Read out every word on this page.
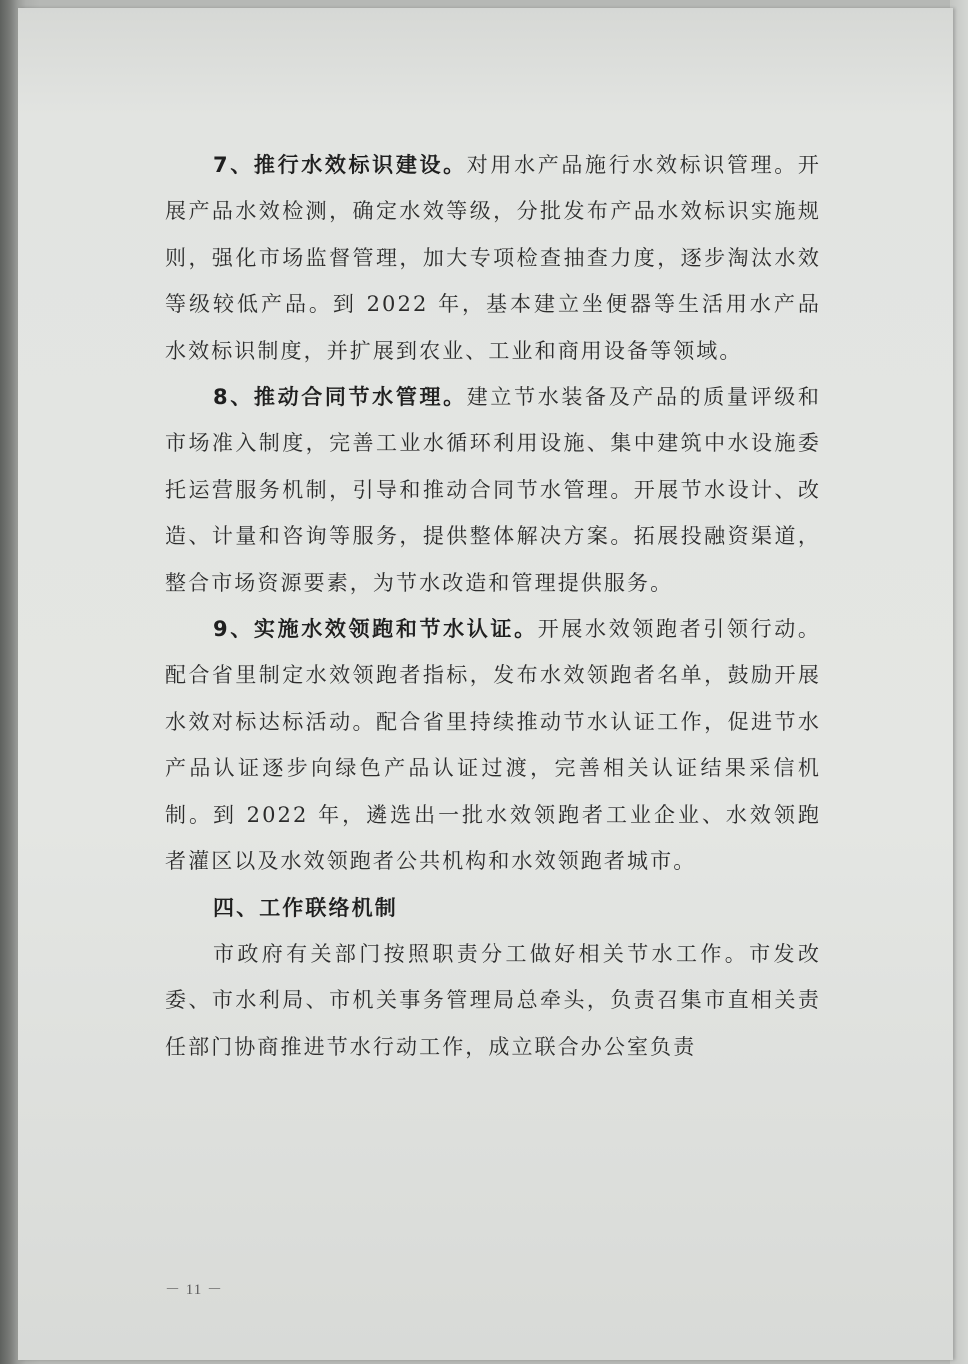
7、推行水效标识建设。对用水产品施行水效标识管理。开展产品水效检测，确定水效等级，分批发布产品水效标识实施规则，强化市场监督管理，加大专项检查抽查力度，逐步淘汰水效等级较低产品。到 2022 年，基本建立坐便器等生活用水产品水效标识制度，并扩展到农业、工业和商用设备等领域。

8、推动合同节水管理。建立节水装备及产品的质量评级和市场准入制度，完善工业水循环利用设施、集中建筑中水设施委托运营服务机制，引导和推动合同节水管理。开展节水设计、改造、计量和咨询等服务，提供整体解决方案。拓展投融资渠道，整合市场资源要素，为节水改造和管理提供服务。

9、实施水效领跑和节水认证。开展水效领跑者引领行动。配合省里制定水效领跑者指标，发布水效领跑者名单，鼓励开展水效对标达标活动。配合省里持续推动节水认证工作，促进节水产品认证逐步向绿色产品认证过渡，完善相关认证结果采信机制。到 2022 年，遴选出一批水效领跑者工业企业、水效领跑者灌区以及水效领跑者公共机构和水效领跑者城市。

四、工作联络机制

市政府有关部门按照职责分工做好相关节水工作。市发改委、市水利局、市机关事务管理局总牵头，负责召集市直相关责任部门协商推进节水行动工作，成立联合办公室负责

－ 11 －
